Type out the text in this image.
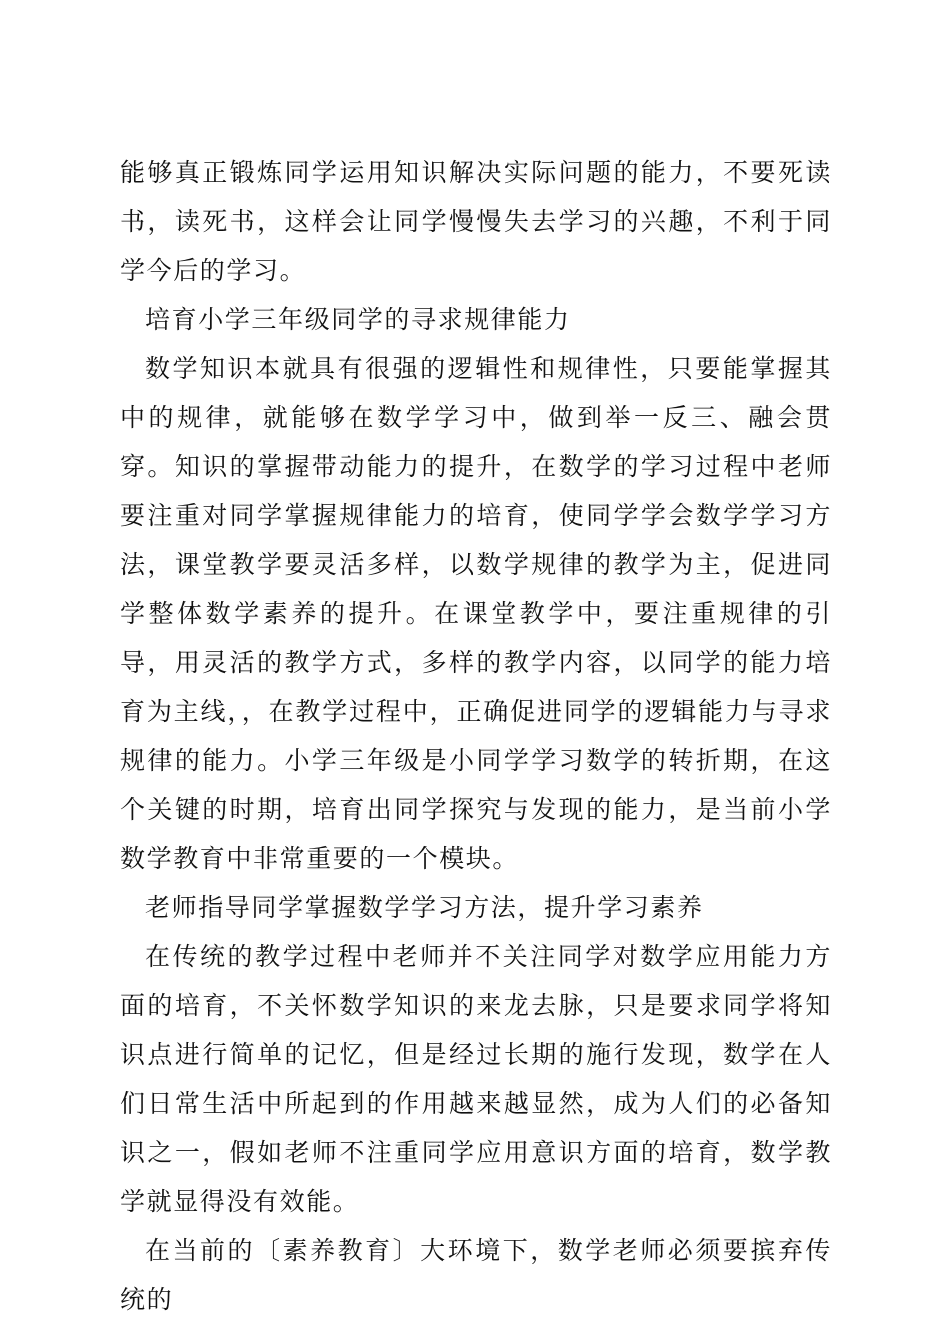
能够真正锻炼同学运用知识解决实际问题的能力，不要死读书，读死书，这样会让同学慢慢失去学习的兴趣，不利于同学今后的学习。

培育小学三年级同学的寻求规律能力

数学知识本就具有很强的逻辑性和规律性，只要能掌握其中的规律，就能够在数学学习中，做到举一反三、融会贯穿。知识的掌握带动能力的提升，在数学的学习过程中老师要注重对同学掌握规律能力的培育，使同学学会数学学习方法，课堂教学要灵活多样，以数学规律的教学为主，促进同学整体数学素养的提升。在课堂教学中，要注重规律的引导，用灵活的教学方式，多样的教学内容，以同学的能力培育为主线，，在教学过程中，正确促进同学的逻辑能力与寻求规律的能力。小学三年级是小同学学习数学的转折期，在这个关键的时期，培育出同学探究与发现的能力，是当前小学数学教育中非常重要的一个模块。

老师指导同学掌握数学学习方法，提升学习素养

在传统的教学过程中老师并不关注同学对数学应用能力方面的培育，不关怀数学知识的来龙去脉，只是要求同学将知识点进行简单的记忆，但是经过长期的施行发现，数学在人们日常生活中所起到的作用越来越显然，成为人们的必备知识之一，假如老师不注重同学应用意识方面的培育，数学教学就显得没有效能。

在当前的〔素养教育〕大环境下，数学老师必须要摈弃传统的
